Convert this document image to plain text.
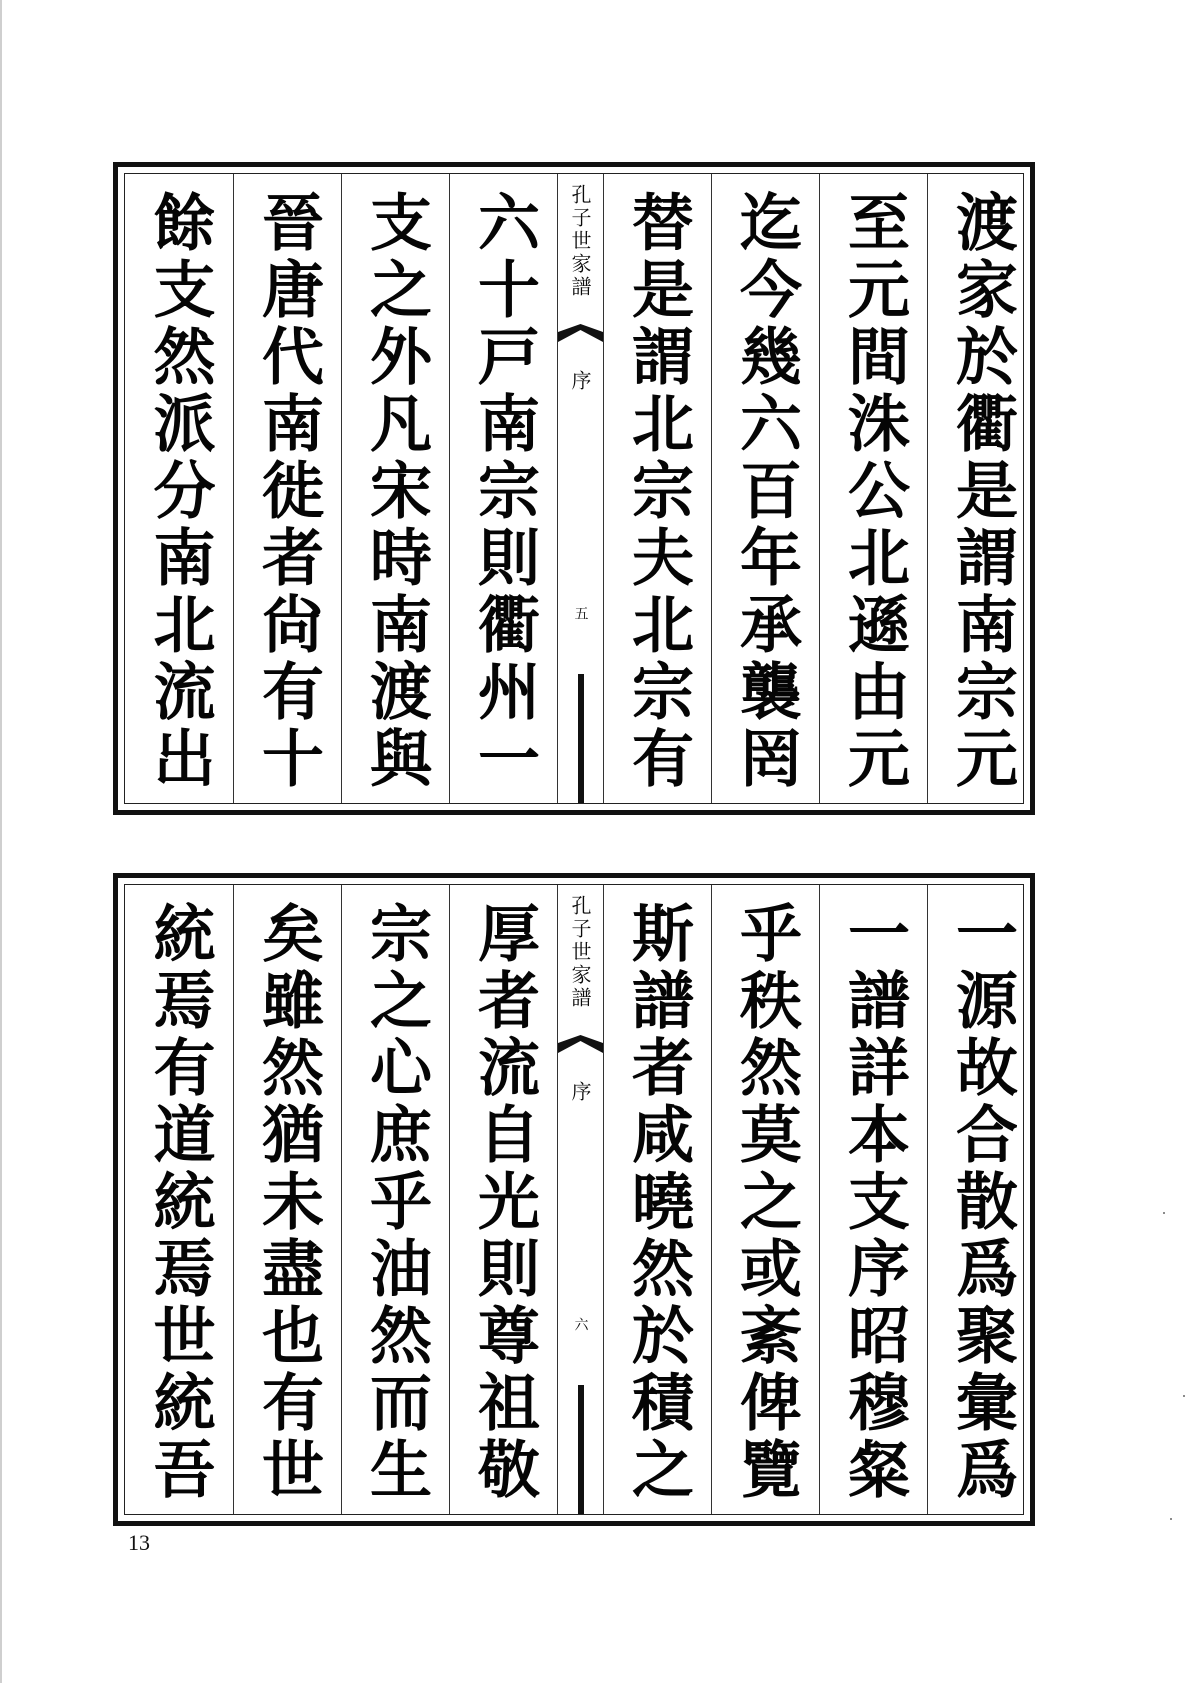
渡家於衢是謂南宗元
至元間洙公北遜由元
迄今幾六百年承襲罔
替是謂北宗夫北宗有
孔子世家譜
序
五
六十戸南宗則衢州一
支之外凡宋時南渡與
晉唐代南徙者尙有十
餘支然派分南北流出
一源故合散爲聚彙爲
一譜詳本支序昭穆粲
乎秩然莫之或紊俾覽
斯譜者咸曉然於積之
孔子世家譜
序
六
厚者流自光則尊祖敬
宗之心庶乎油然而生
矣雖然猶未盡也有世
統焉有道統焉世統吾
13
